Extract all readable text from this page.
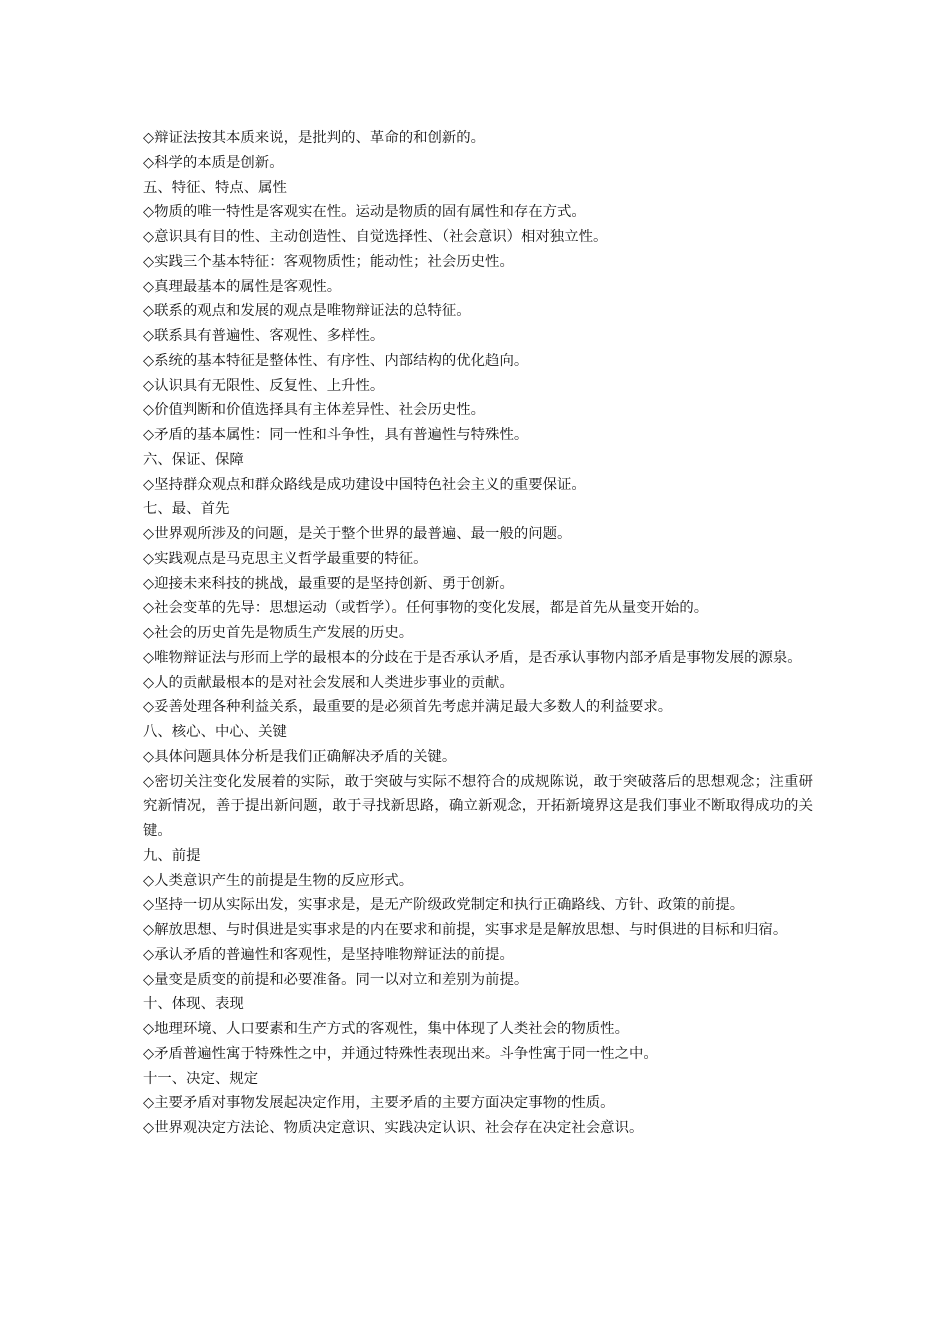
◇辩证法按其本质来说，是批判的、革命的和创新的。
◇科学的本质是创新。
五、特征、特点、属性
◇物质的唯一特性是客观实在性。运动是物质的固有属性和存在方式。
◇意识具有目的性、主动创造性、自觉选择性、（社会意识）相对独立性。
◇实践三个基本特征：客观物质性；能动性；社会历史性。
◇真理最基本的属性是客观性。
◇联系的观点和发展的观点是唯物辩证法的总特征。
◇联系具有普遍性、客观性、多样性。
◇系统的基本特征是整体性、有序性、内部结构的优化趋向。
◇认识具有无限性、反复性、上升性。
◇价值判断和价值选择具有主体差异性、社会历史性。
◇矛盾的基本属性：同一性和斗争性，具有普遍性与特殊性。
六、保证、保障
◇坚持群众观点和群众路线是成功建设中国特色社会主义的重要保证。
七、最、首先
◇世界观所涉及的问题，是关于整个世界的最普遍、最一般的问题。
◇实践观点是马克思主义哲学最重要的特征。
◇迎接未来科技的挑战，最重要的是坚持创新、勇于创新。
◇社会变革的先导：思想运动（或哲学）。任何事物的变化发展，都是首先从量变开始的。
◇社会的历史首先是物质生产发展的历史。
◇唯物辩证法与形而上学的最根本的分歧在于是否承认矛盾，是否承认事物内部矛盾是事物发展的源泉。
◇人的贡献最根本的是对社会发展和人类进步事业的贡献。
◇妥善处理各种利益关系，最重要的是必须首先考虑并满足最大多数人的利益要求。
八、核心、中心、关键
◇具体问题具体分析是我们正确解决矛盾的关键。
◇密切关注变化发展着的实际，敢于突破与实际不想符合的成规陈说，敢于突破落后的思想观念；注重研究新情况，善于提出新问题，敢于寻找新思路，确立新观念，开拓新境界这是我们事业不断取得成功的关键。
九、前提
◇人类意识产生的前提是生物的反应形式。
◇坚持一切从实际出发，实事求是，是无产阶级政党制定和执行正确路线、方针、政策的前提。
◇解放思想、与时俱进是实事求是的内在要求和前提，实事求是是解放思想、与时俱进的目标和归宿。
◇承认矛盾的普遍性和客观性，是坚持唯物辩证法的前提。
◇量变是质变的前提和必要准备。同一以对立和差别为前提。
十、体现、表现
◇地理环境、人口要素和生产方式的客观性，集中体现了人类社会的物质性。
◇矛盾普遍性寓于特殊性之中，并通过特殊性表现出来。斗争性寓于同一性之中。
十一、决定、规定
◇主要矛盾对事物发展起决定作用，主要矛盾的主要方面决定事物的性质。
◇世界观决定方法论、物质决定意识、实践决定认识、社会存在决定社会意识。
